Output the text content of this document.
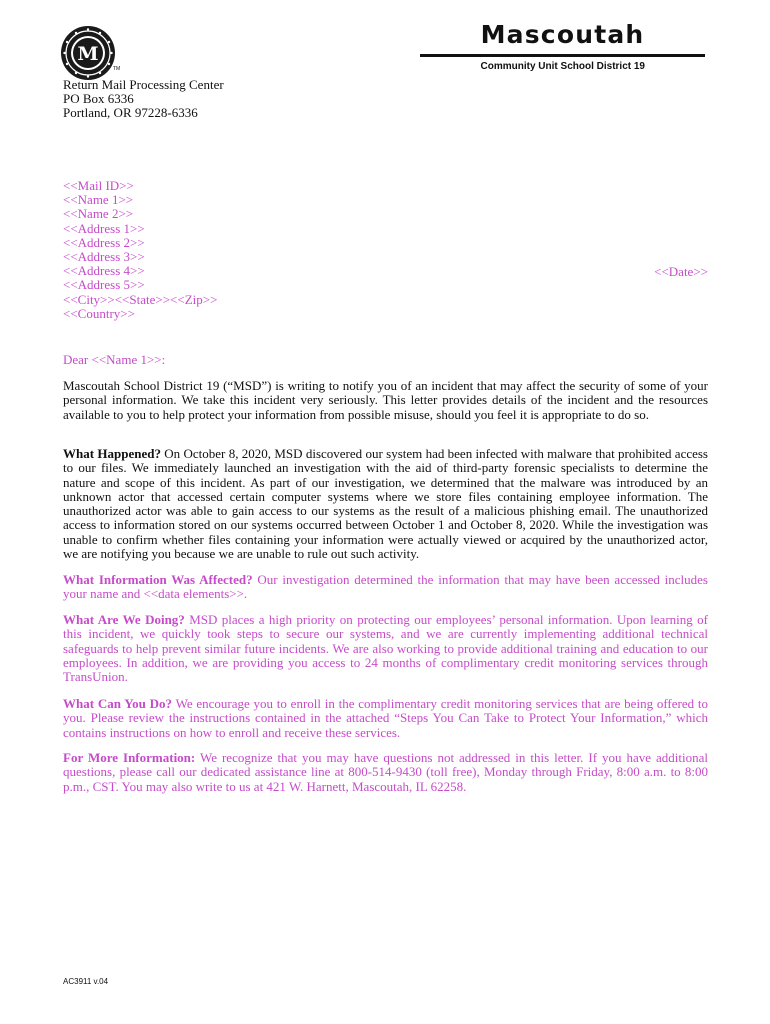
M
TM
Mascoutah
Community Unit School District 19
Return Mail Processing Center
PO Box 6336
Portland, OR 97228-6336
<<Mail ID>>
<<Name 1>>
<<Name 2>>
<<Address 1>>
<<Address 2>>
<<Address 3>>
<<Address 4>>
<<Address 5>>
<<City>><<State>><<Zip>>
<<Country>>
<<Date>>
Dear <<Name 1>>:
Mascoutah School District 19 (“MSD”) is writing to notify you of an incident that may affect the security of some of your personal information. We take this incident very seriously. This letter provides details of the incident and the resources available to you to help protect your information from possible misuse, should you feel it is appropriate to do so.
What Happened? On October 8, 2020, MSD discovered our system had been infected with malware that prohibited access to our files. We immediately launched an investigation with the aid of third-party forensic specialists to determine the nature and scope of this incident. As part of our investigation, we determined that the malware was introduced by an unknown actor that accessed certain computer systems where we store files containing employee information. The unauthorized actor was able to gain access to our systems as the result of a malicious phishing email. The unauthorized access to information stored on our systems occurred between October 1 and October 8, 2020. While the investigation was unable to confirm whether files containing your information were actually viewed or acquired by the unauthorized actor, we are notifying you because we are unable to rule out such activity.
What Information Was Affected? Our investigation determined the information that may have been accessed includes your name and <<data elements>>.
What Are We Doing? MSD places a high priority on protecting our employees’ personal information. Upon learning of this incident, we quickly took steps to secure our systems, and we are currently implementing additional technical safeguards to help prevent similar future incidents. We are also working to provide additional training and education to our employees. In addition, we are providing you access to 24 months of complimentary credit monitoring services through TransUnion.
What Can You Do? We encourage you to enroll in the complimentary credit monitoring services that are being offered to you. Please review the instructions contained in the attached “Steps You Can Take to Protect Your Information,” which contains instructions on how to enroll and receive these services.
For More Information: We recognize that you may have questions not addressed in this letter. If you have additional questions, please call our dedicated assistance line at 800-514-9430 (toll free), Monday through Friday, 8:00 a.m. to 8:00 p.m., CST. You may also write to us at 421 W. Harnett, Mascoutah, IL 62258.
AC3911 v.04
